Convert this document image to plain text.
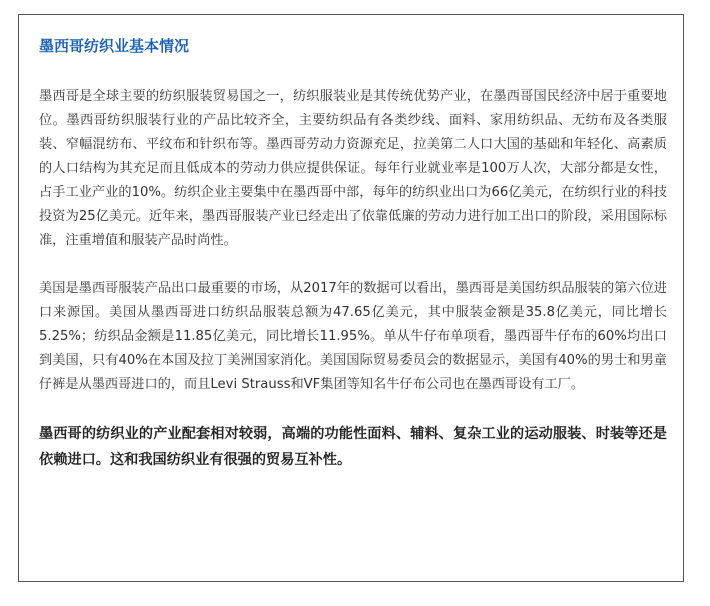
墨西哥纺织业基本情况

墨西哥是全球主要的纺织服装贸易国之一，纺织服装业是其传统优势产业，在墨西哥国民经济中居于重要地位。墨西哥纺织服装行业的产品比较齐全，主要纺织品有各类纱线、面料、家用纺织品、无纺布及各类服装、窄幅混纺布、平纹布和针织布等。墨西哥劳动力资源充足，拉美第二人口大国的基础和年轻化、高素质的人口结构为其充足而且低成本的劳动力供应提供保证。每年行业就业率是100万人次，大部分都是女性，占手工业产业的10%。纺织企业主要集中在墨西哥中部，每年的纺织业出口为66亿美元，在纺织行业的科技投资为25亿美元。近年来，墨西哥服装产业已经走出了依靠低廉的劳动力进行加工出口的阶段，采用国际标准，注重增值和服装产品时尚性。

美国是墨西哥服装产品出口最重要的市场，从2017年的数据可以看出，墨西哥是美国纺织品服装的第六位进口来源国。美国从墨西哥进口纺织品服装总额为47.65亿美元，其中服装金额是35.8亿美元，同比增长5.25%；纺织品金额是11.85亿美元，同比增长11.95%。单从牛仔布单项看，墨西哥牛仔布的60%均出口到美国，只有40%在本国及拉丁美洲国家消化。美国国际贸易委员会的数据显示，美国有40%的男士和男童仔裤是从墨西哥进口的，而且Levi Strauss和VF集团等知名牛仔布公司也在墨西哥设有工厂。

墨西哥的纺织业的产业配套相对较弱，高端的功能性面料、辅料、复杂工业的运动服装、时装等还是依赖进口。这和我国纺织业有很强的贸易互补性。
